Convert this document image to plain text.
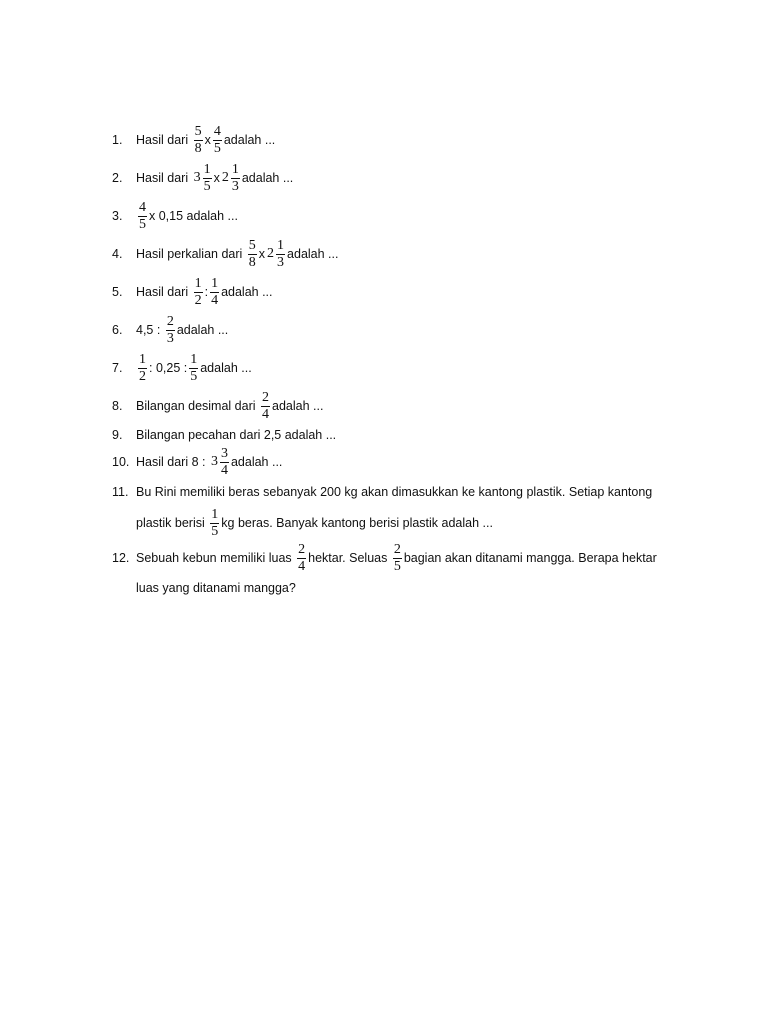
1. Hasil dari
$\frac{5}{8}$ x $\frac{4}{5}$ adalah ...
2. Hasil dari
$3 \frac{1}{5}$ x $2 \frac{1}{3}$ adalah ...
3. $\frac{4}{5}$ x 0,15 adalah ...
4. Hasil perkalian dari
$\frac{5}{8}$ x $2 \frac{1}{3}$ adalah ...
5. Hasil dari
$\frac{1}{2}$ : $\frac{1}{4}$ adalah ...
6. 4,5 :
$\frac{2}{3}$ adalah ...
7. $\frac{1}{2}$ : 0,25 : $\frac{1}{5}$ adalah ...
8. Bilangan desimal dari
$\frac{2}{4}$ adalah ...
9. Bilangan pecahan dari 2,5 adalah ...
10. Hasil dari 8 :
$3 \frac{3}{4}$ adalah ...
11. Bu Rini memiliki beras sebanyak 200 kg akan dimasukkan ke kantong plastik. Setiap kantong
plastik berisi
$\frac{1}{5}$ kg beras. Banyak kantong berisi plastik adalah ...
12. Sebuah kebun memiliki luas
$\frac{2}{4}$ hektar. Seluas
$\frac{2}{5}$ bagian akan ditanami mangga. Berapa hektar
luas yang ditanami mangga?
